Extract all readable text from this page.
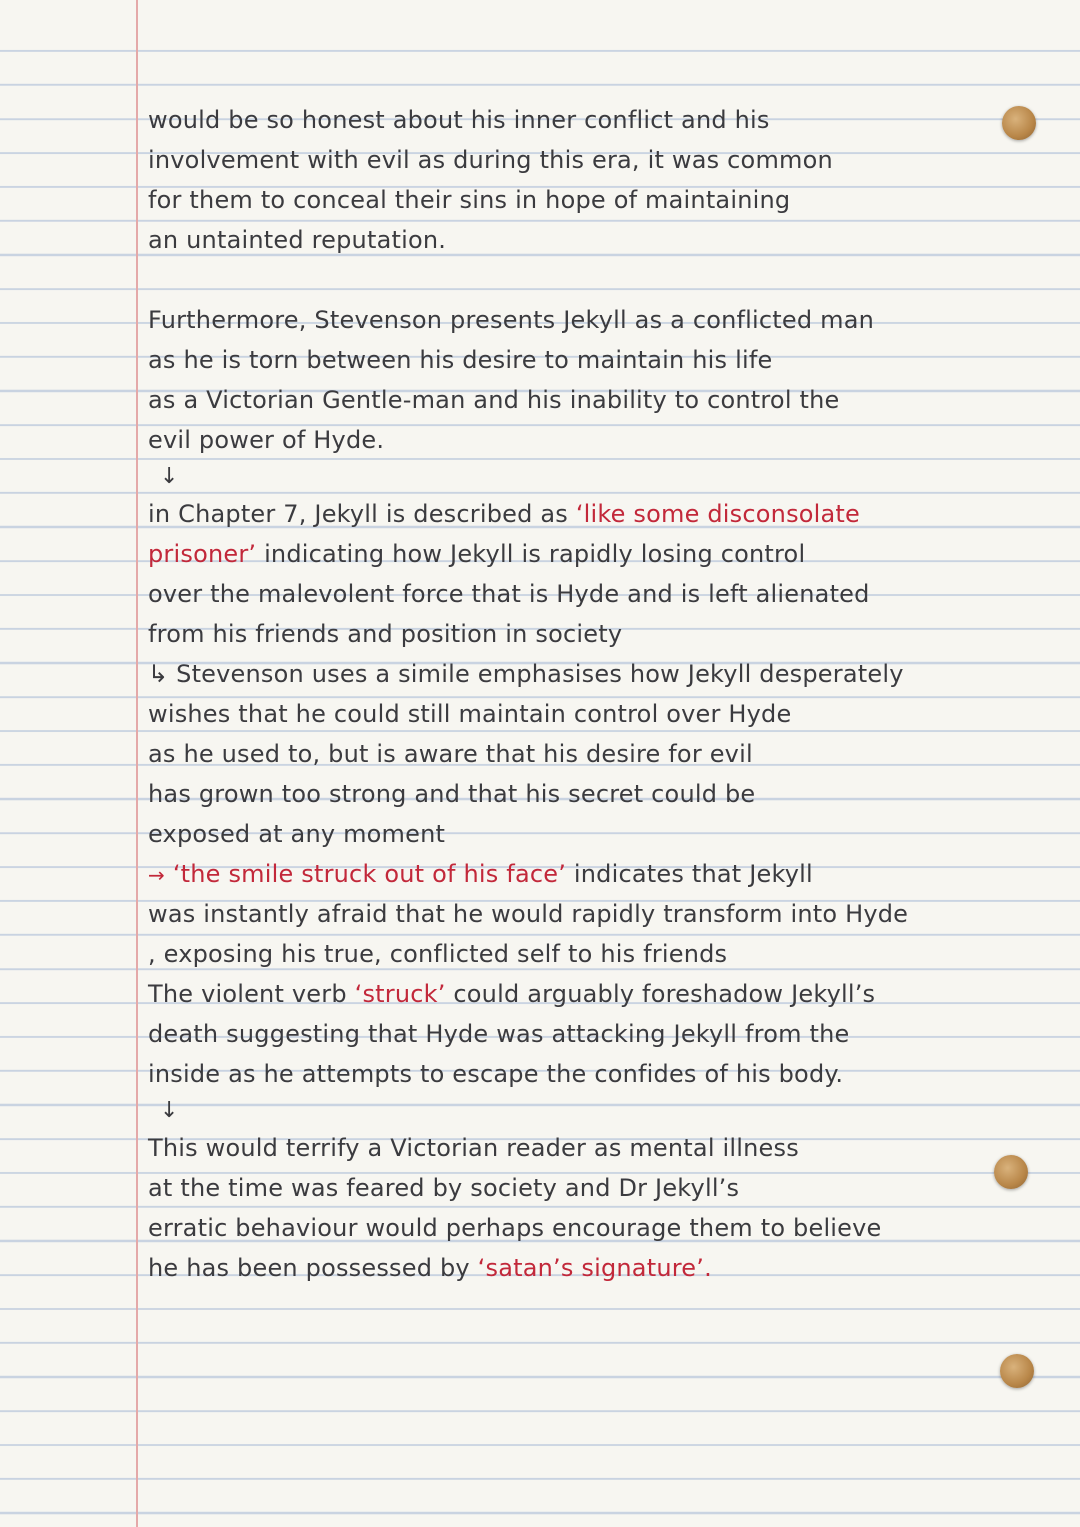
would be so honest about his inner conflict and his
involvement with evil as during this era, it was common
for them to conceal their sins in hope of maintaining
an untainted reputation.
Furthermore, Stevenson presents Jekyll as a conflicted man
as he is torn between his desire to maintain his life
as a Victorian Gentle-man and his inability to control the
evil power of Hyde.
↓
in Chapter 7, Jekyll is described as ‘like some disconsolate
prisoner’ indicating how Jekyll is rapidly losing control
over the malevolent force that is Hyde and is left alienated
from his friends and position in society
↳ Stevenson uses a simile emphasises how Jekyll desperately
wishes that he could still maintain control over Hyde
as he used to, but is aware that his desire for evil
has grown too strong and that his secret could be
exposed at any moment
→ ‘the smile struck out of his face’ indicates that Jekyll
was instantly afraid that he would rapidly transform into Hyde
, exposing his true, conflicted self to his friends
The violent verb ‘struck’ could arguably foreshadow Jekyll’s
death suggesting that Hyde was attacking Jekyll from the
inside as he attempts to escape the confides of his body.
↓
This would terrify a Victorian reader as mental illness
at the time was feared by society and Dr Jekyll’s
erratic behaviour would perhaps encourage them to believe
he has been possessed by ‘satan’s signature’.
